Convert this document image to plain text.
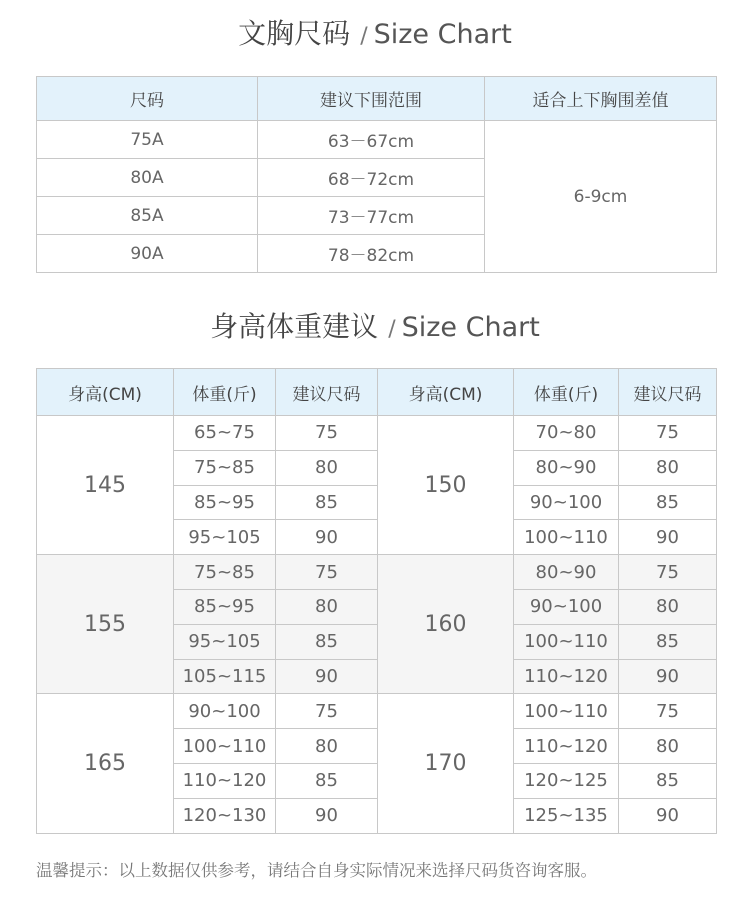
文胸尺码 / Size Chart
尺码	建议下围范围	适合上下胸围差值
75A	63－67cm	6-9cm
80A	68－72cm	
85A	73－77cm	
90A	78－82cm	
身高体重建议 / Size Chart
身高(CM)	体重(斤)	建议尺码	身高(CM)	体重(斤)	建议尺码
145	65~75	75	150	70~80	75
	75~85	80		80~90	80
	85~95	85		90~100	85
	95~105	90		100~110	90
155	75~85	75	160	80~90	75
	85~95	80		90~100	80
	95~105	85		100~110	85
	105~115	90		110~120	90
165	90~100	75	170	100~110	75
	100~110	80		110~120	80
	110~120	85		120~125	85
	120~130	90		125~135	90
温馨提示：以上数据仅供参考，请结合自身实际情况来选择尺码货咨询客服。
